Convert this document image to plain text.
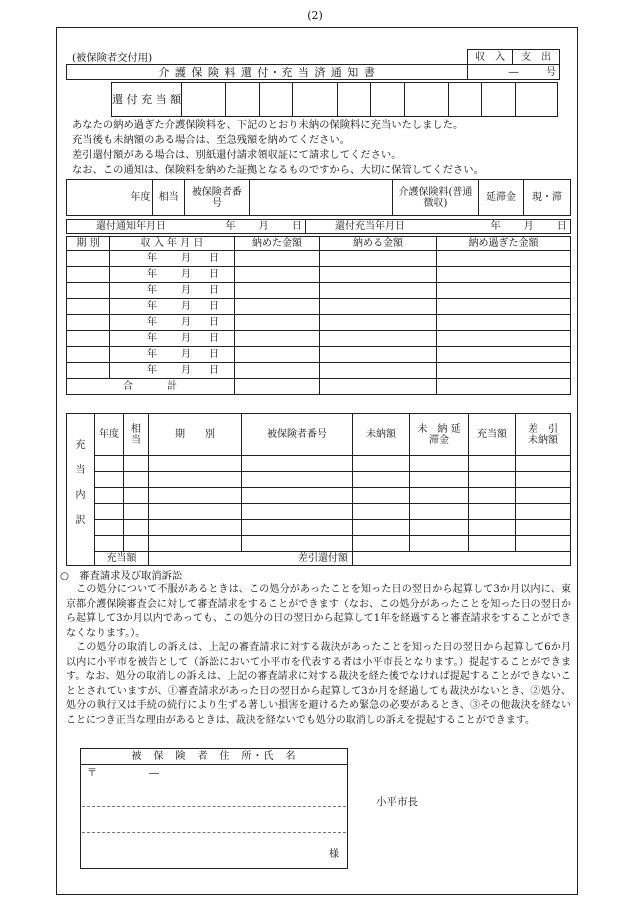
(2)
(被保険者交付用)
		収　入	支　出
介 護 保 険 料 還 付・充 当 済 通 知 書	― 号	
還 付 充 当 額										
あなたの納め過ぎた介護保険料を、下記のとおり未納の保険料に充当いたしました。
充当後も未納額のある場合は、至急残額を納めてください。
差引還付額がある場合は、別紙還付請求領収証にて請求してください。
なお、この通知は、保険料を納めた証拠となるものですから、大切に保管してください。
年度	相当	被保険者番号		介護保険料(普通徴収)	延滞金	現・滞
還付通知年月日	年   月   日	還付充当年月日	年   月   日
期 別	収 入 年 月 日	納めた金額	納める金額	納め過ぎた金額
	年 月 日			
	年 月 日			
	年 月 日			
	年 月 日			
	年 月 日			
	年 月 日			
	年 月 日			
	年 月 日			
合　　　計				
充
当
内
訳	年度	相当	期　　別	被保険者番号	未納額	未　納 延滞金	充当額	差　引 未納額

	充当額		差引還付額					
○　審査請求及び取消訴訟
　この処分について不服があるときは、この処分があったことを知った日の翌日から起算して3か月以内に、東京都介護保険審査会に対して審査請求をすることができます（なお、この処分があったことを知った日の翌日から起算して3か月以内であっても、この処分の日の翌日から起算して1年を経過すると審査請求をすることができなくなります。）。
　この処分の取消しの訴えは、上記の審査請求に対する裁決があったことを知った日の翌日から起算して6か月以内に小平市を被告として（訴訟において小平市を代表する者は小平市長となります。）提起することができます。なお、処分の取消しの訴えは、上記の審査請求に対する裁決を経た後でなければ提起することができないこととされていますが、①審査請求があった日の翌日から起算して3か月を経過しても裁決がないとき、②処分、処分の執行又は手続の続行により生ずる著しい損害を避けるため緊急の必要があるとき、③その他裁決を経ないことにつき正当な理由があるときは、裁決を経ないでも処分の取消しの訴えを提起することができます。
被　保　険　者　住　所・氏　名

〒	―
様
小平市長
